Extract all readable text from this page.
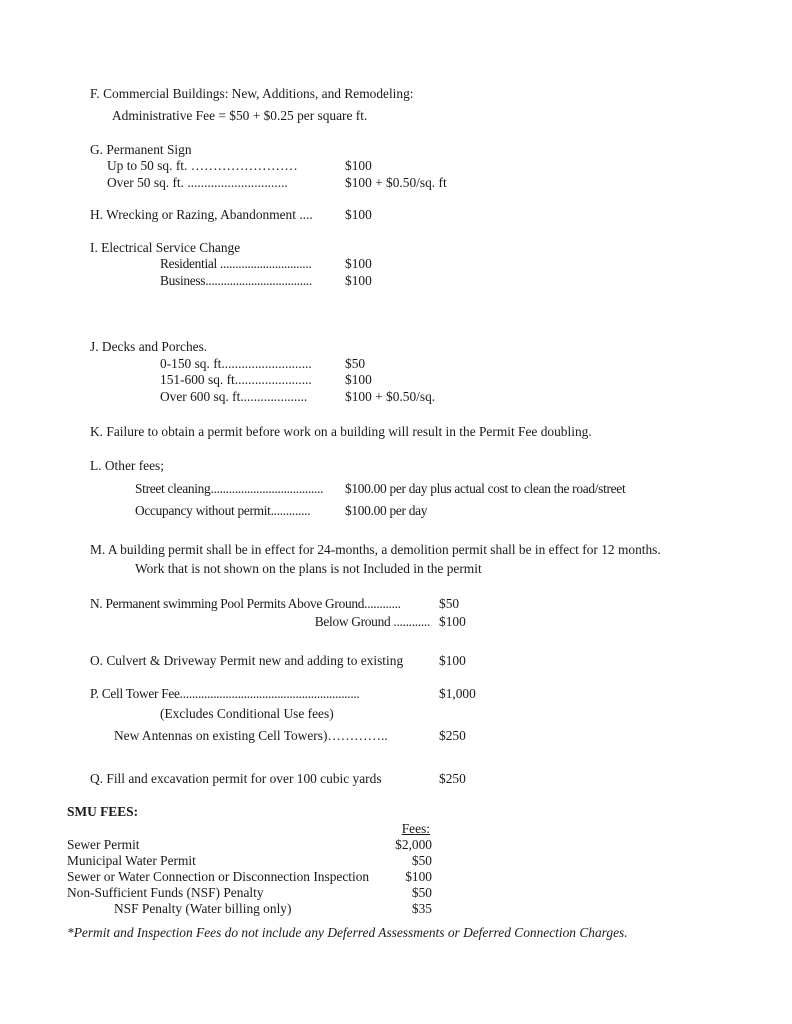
F. Commercial Buildings: New, Additions, and Remodeling:
Administrative Fee = $50 + $0.25 per square ft.
G. Permanent Sign
Up to 50 sq. ft. ……………………	$100
Over 50 sq. ft. ..............................	$100 + $0.50/sq. ft
H. Wrecking or Razing, Abandonment .... $100
I. Electrical Service Change
Residential ..............................	$100
Business................................... $100
J. Decks and Porches.
0-150 sq. ft........................... $50
151-600 sq. ft....................... $100
Over 600 sq. ft....................	$100 + $0.50/sq.
K. Failure to obtain a permit before work on a building will result in the Permit Fee doubling.
L. Other fees;
Street cleaning..................................... $100.00 per day plus actual cost to clean the road/street
Occupancy without permit.............	$100.00 per day
M. A building permit shall be in effect for 24-months, a demolition permit shall be in effect for 12 months.
Work that is not shown on the plans is not Included in the permit
N. Permanent swimming Pool Permits Above Ground............	$50
Below Ground ............ $100
O. Culvert & Driveway Permit new and adding to existing	$100
P. Cell Tower Fee...........................................................	$1,000
(Excludes Conditional Use fees)
New Antennas on existing Cell Towers)…………..	$250
Q. Fill and excavation permit for over 100 cubic yards	$250
SMU FEES:
Fees:
Sewer Permit	$2,000
Municipal Water Permit	$50
Sewer or Water Connection or Disconnection Inspection	$100
Non-Sufficient Funds (NSF) Penalty	$50
NSF Penalty (Water billing only)	$35
*Permit and Inspection Fees do not include any Deferred Assessments or Deferred Connection Charges.
